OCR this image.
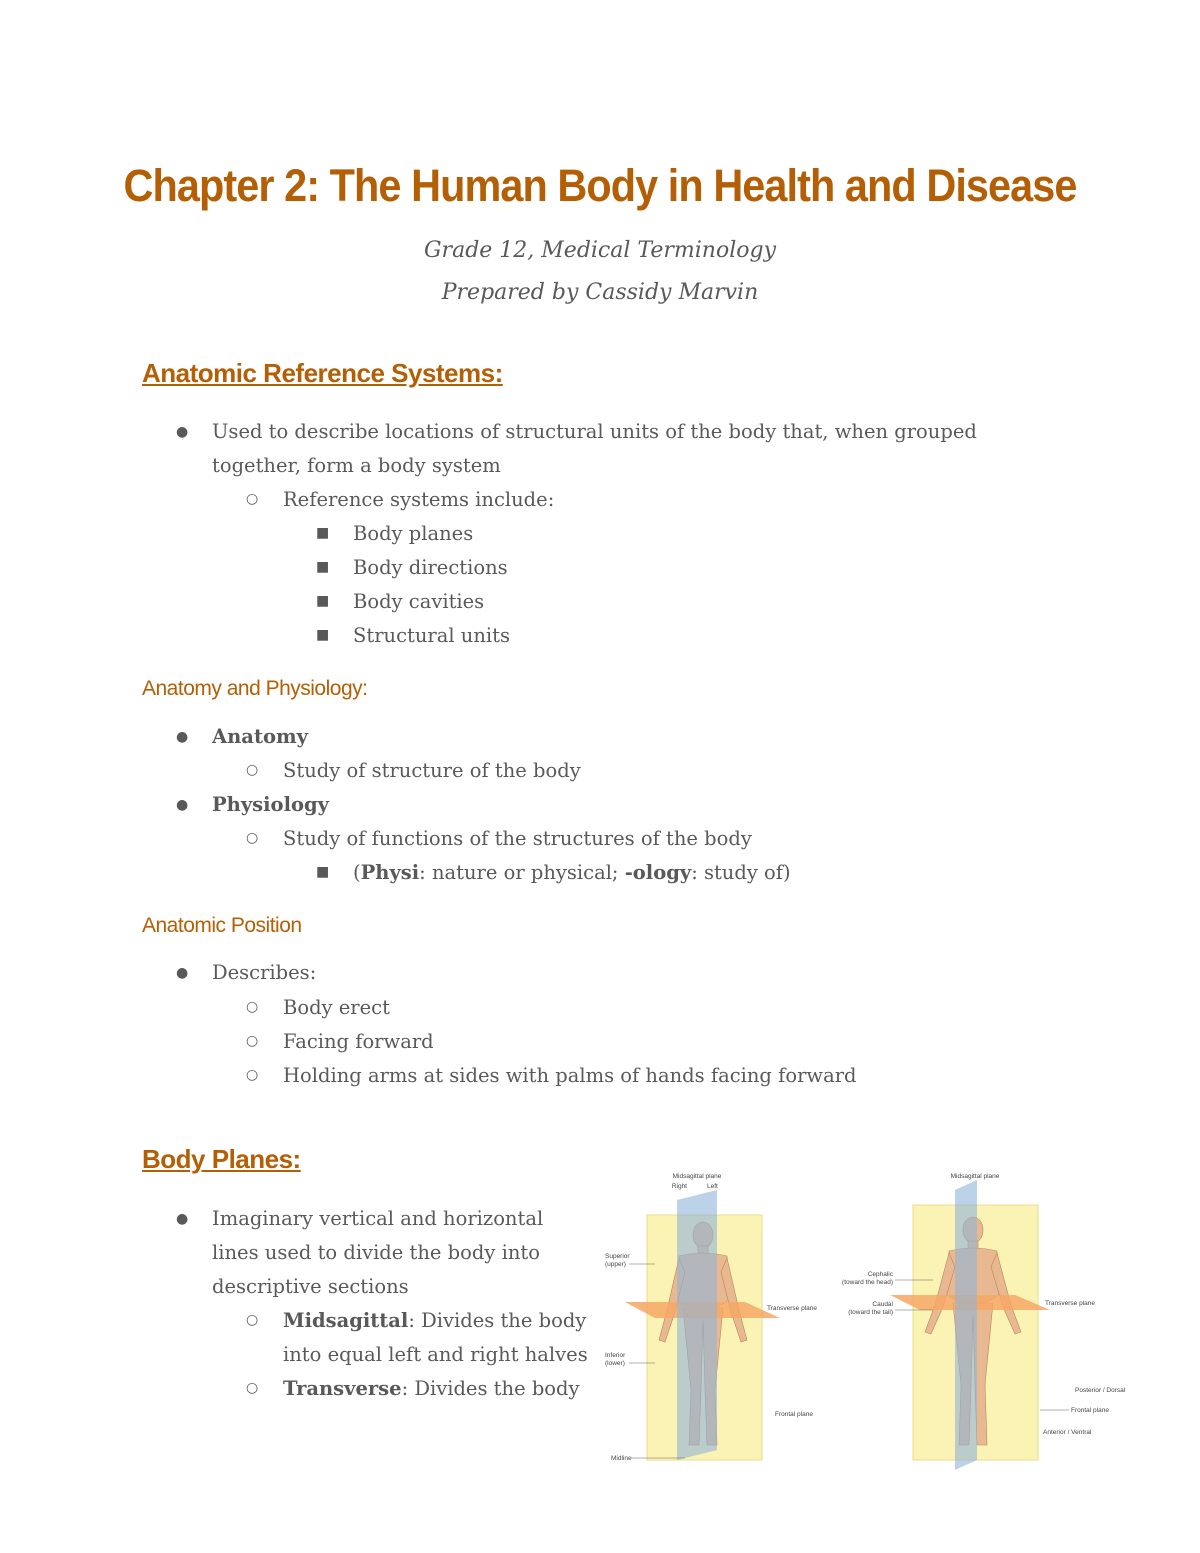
Chapter 2: The Human Body in Health and Disease
Grade 12, Medical Terminology
Prepared by Cassidy Marvin
Anatomic Reference Systems:
● Used to describe locations of structural units of the body that, when grouped
together, form a body system
○ Reference systems include:
■ Body planes
■ Body directions
■ Body cavities
■ Structural units
Anatomy and Physiology:
● Anatomy
○ Study of structure of the body
● Physiology
○ Study of functions of the structures of the body
■ (Physi: nature or physical; -ology: study of)
Anatomic Position
● Describes:
○ Body erect
○ Facing forward
○ Holding arms at sides with palms of hands facing forward
Body Planes:
● Imaginary vertical and horizontal
lines used to divide the body into
descriptive sections
○ Midsagittal: Divides the body
into equal left and right halves
○ Transverse: Divides the body
Midsagittal plane
Right	Left
Superior
(upper)
Transverse plane
Inferior
(lower)
Frontal plane
Midline
Midsagittal plane
Cephalic
(toward the head)
Caudal
(toward the tail)
Transverse plane
Posterior / Dorsal
Frontal plane
Anterior / Ventral
